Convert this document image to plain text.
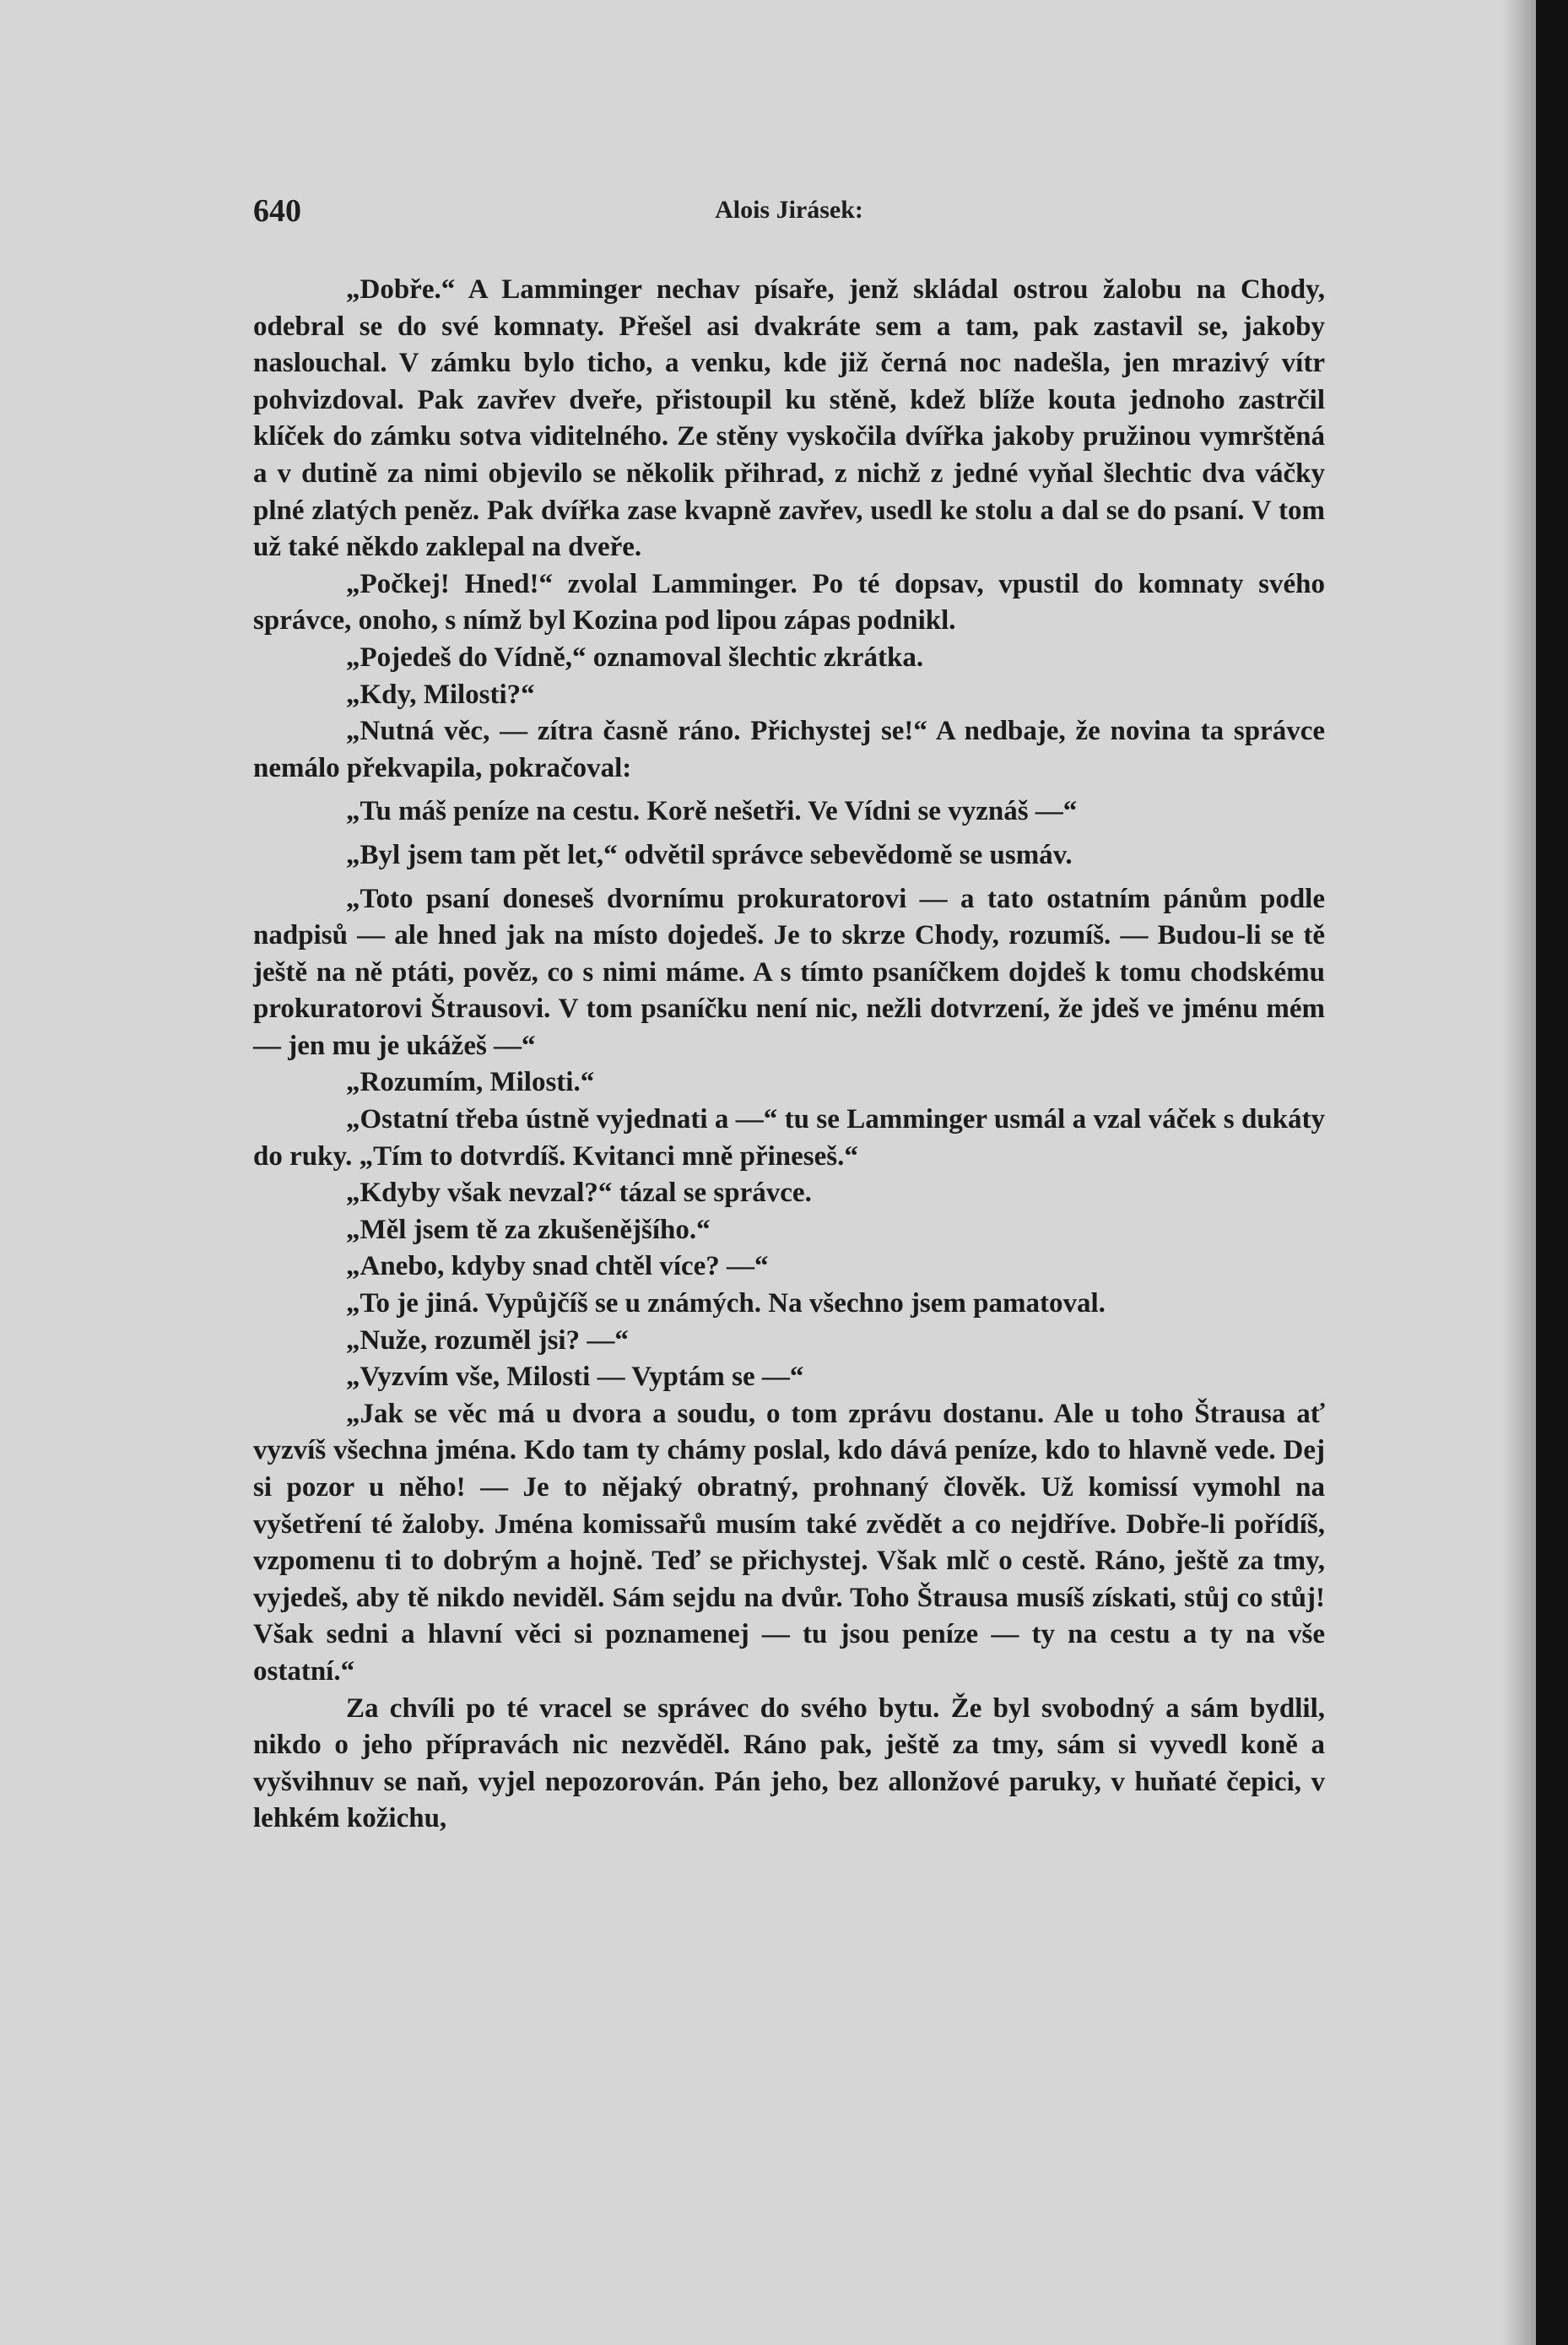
640	Alois Jirásek:

„Dobře.“ A Lamminger nechav písaře, jenž skládal ostrou žalobu na Chody, odebral se do své komnaty. Přešel asi dvakráte sem a tam, pak zastavil se, jakoby naslouchal. V zámku bylo ticho, a venku, kde již černá noc nadešla, jen mrazivý vítr pohvizdoval. Pak zavřev dveře, přistoupil ku stěně, kdež blíže kouta jednoho zastrčil klíček do zámku sotva viditelného. Ze stěny vyskočila dvířka jakoby pružinou vymrštěná a v dutině za nimi objevilo se několik přihrad, z nichž z jedné vyňal šlechtic dva váčky plné zlatých peněz. Pak dvířka zase kvapně zavřev, usedl ke stolu a dal se do psaní. V tom už také někdo zaklepal na dveře.

„Počkej! Hned!“ zvolal Lamminger. Po té dopsav, vpustil do komnaty svého správce, onoho, s nímž byl Kozina pod lipou zápas podnikl.

„Pojedeš do Vídně,“ oznamoval šlechtic zkrátka.

„Kdy, Milosti?“

„Nutná věc, — zítra časně ráno. Přichystej se!“ A nedbaje, že novina ta správce nemálo překvapila, pokračoval:

„Tu máš peníze na cestu. Korě nešetři. Ve Vídni se vyznáš —“

„Byl jsem tam pět let,“ odvětil správce sebevědomě se usmáv.

„Toto psaní doneseš dvornímu prokuratorovi — a tato ostatním pánům podle nadpisů — ale hned jak na místo dojedeš. Je to skrze Chody, rozumíš. — Budou-li se tě ještě na ně ptáti, pověz, co s nimi máme. A s tímto psaníčkem dojdeš k tomu chodskému prokuratorovi Štrausovi. V tom psaníčku není nic, nežli dotvrzení, že jdeš ve jménu mém — jen mu je ukážeš —“

„Rozumím, Milosti.“

„Ostatní třeba ústně vyjednati a —“ tu se Lamminger usmál a vzal váček s dukáty do ruky. „Tím to dotvrdíš. Kvitanci mně přineseš.“

„Kdyby však nevzal?“ tázal se správce.

„Měl jsem tě za zkušenějšího.“

„Anebo, kdyby snad chtěl více? —“

„To je jiná. Vypůjčíš se u známých. Na všechno jsem pamatoval.

„Nuže, rozuměl jsi? —“

„Vyzvím vše, Milosti — Vyptám se —“

„Jak se věc má u dvora a soudu, o tom zprávu dostanu. Ale u toho Štrausa ať vyzvíš všechna jména. Kdo tam ty chámy poslal, kdo dává peníze, kdo to hlavně vede. Dej si pozor u něho! — Je to nějaký obratný, prohnaný člověk. Už komissí vymohl na vyšetření té žaloby. Jména komissařů musím také zvědět a co nejdříve. Dobře-li pořídíš, vzpomenu ti to dobrým a hojně. Teď se přichystej. Však mlč o cestě. Ráno, ještě za tmy, vyjedeš, aby tě nikdo neviděl. Sám sejdu na dvůr. Toho Štrausa musíš získati, stůj co stůj! Však sedni a hlavní věci si poznamenej — tu jsou peníze — ty na cestu a ty na vše ostatní.“

Za chvíli po té vracel se správec do svého bytu. Že byl svobodný a sám bydlil, nikdo o jeho přípravách nic nezvěděl. Ráno pak, ještě za tmy, sám si vyvedl koně a vyšvihnuv se naň, vyjel nepozorován. Pán jeho, bez allonžové paruky, v huňaté čepici, v lehkém kožichu,
